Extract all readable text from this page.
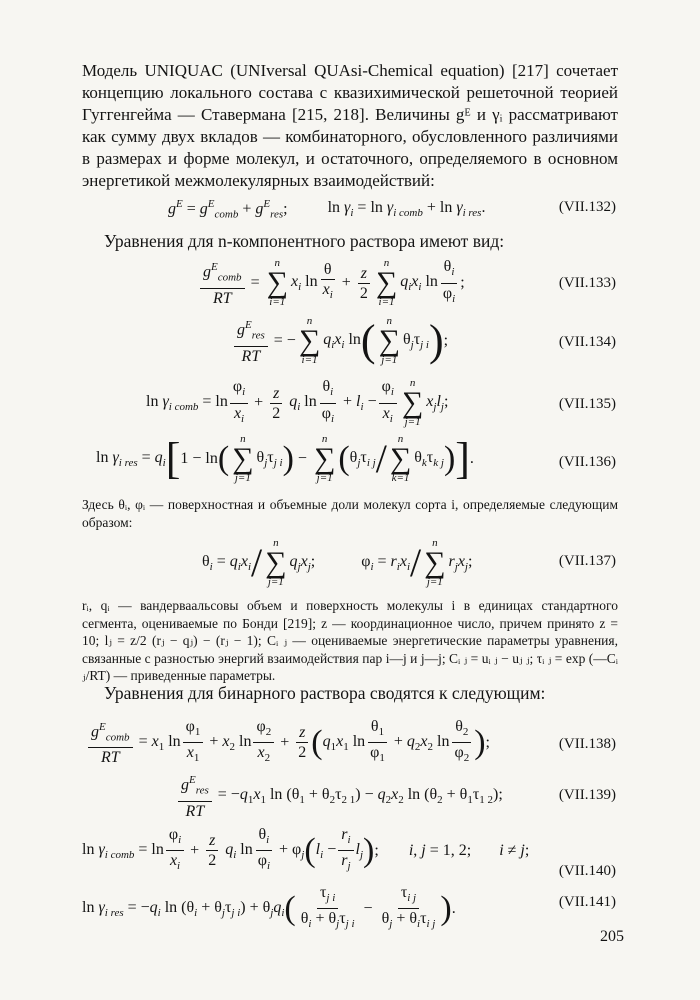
Модель UNIQUAC (UNIversal QUAsi-Chemical equation) [217] сочетает концепцию локального состава с квазихимической решеточной теорией Гуггенгейма — Ставермана [215, 218]. Величины gᴱ и γᵢ рассматривают как сумму двух вкладов — комбинаторного, обусловленного различиями в размерах и форме молекул, и остаточного, определяемого в основном энергетикой межмолекулярных взаимодействий:
$g^E = g^E_{comb} + g^E_{res}$;	$\ln \gamma_i = \ln \gamma_{i comb} + \ln \gamma_{i res}$.	(VII.132)
Уравнения для n-компонентного раствора имеют вид:
$\frac{g^E_{comb}}{RT}$ =
n
∑
i=1
$x_i$ $\ln \frac{\theta}{x_i} + \frac{z}{2}$
n
∑
i=1
$q_ix_i$ $\ln \frac{\theta_i}{\varphi_i}$ ;	(VII.133)
$\frac{g^E_{res}}{RT}$ = −
n
∑
i=1
$q_ix_i$ ln ( n
∑
j=1
$\theta_j\tau_{j i}$ ) ;	(VII.134)
$\ln \gamma_{i comb} = \ln \frac{\varphi_i}{x_i} + \frac{z}{2} q_i$ $\ln \frac{\theta_i}{\varphi_i} + l_i - \frac{\varphi_i}{x_i}$ n
∑
j=1
$x_jl_j$;	(VII.135)
$\ln \gamma_{i res} = q_i$ [ 1 − ln (
n
∑
j=1
$\theta_j\tau_{j i}$ ) −
n
∑
j=1
( $\theta_j\tau_{i j}$ / n
∑
k=1
$\theta_k\tau_{k j}$ ) ] .	(VII.136)
Здесь θᵢ, φᵢ — поверхностная и объемные доли молекул сорта i, определяемые следующим образом:
$\theta_i = q_ix_i / n$
∑
j=1
$q_jx_j$;	$\varphi_i = r_ix_i / n$
∑
j=1
$r_jx_j$;	(VII.137)
rᵢ, qᵢ — вандерваальсовы объем и поверхность молекулы i в единицах стандартного сегмента, оцениваемые по Бонди [219]; z — координационное число, причем принято z = 10; lⱼ = z/2 (rⱼ − qⱼ) − (rⱼ − 1); Cᵢ ⱼ — оцениваемые энергетические параметры уравнения, связанные с разностью энергий взаимодействия пар i—j и j—j; Cᵢ ⱼ = uᵢ ⱼ − uⱼ ⱼ; τᵢ ⱼ = exp (—Cᵢ ⱼ/RT) — приведенные параметры.
Уравнения для бинарного раствора сводятся к следующим:
$\frac{g^E_{comb}}{RT} = x_1$ $\ln \frac{\varphi_1}{x_1} + x_2$ $\ln \frac{\varphi_2}{x_2} + \frac{z}{2}$ ( $q_1x_1$ $\ln \frac{\theta_1}{\varphi_1} + q_2x_2$ $\ln \frac{\theta_2}{\varphi_2}$ ) ;	(VII.138)
$\frac{g^E_{res}}{RT} = -q_1x_1$ $\ln (\theta_1 + \theta_2\tau_{2 1}) - q_2x_2$ $\ln (\theta_2 + \theta_1\tau_{1 2})$;	(VII.139)
$\ln \gamma_{i comb} = \ln \frac{\varphi_i}{x_i} + \frac{z}{2} q_i$ $\ln \frac{\theta_i}{\varphi_i} + \varphi_j$ ( $l_i - \frac{r_i}{r_j} l_j$ ) ; i, j = 1, 2; i ≠ j;
(VII.140)
$\ln \gamma_{i res} = -q_i$ $\ln (\theta_i + \theta_j\tau_{j i}) + \theta_jq_i$ ( $\frac{\tau_{j i}}{\theta_i + \theta_j\tau_{j i}} - \frac{\tau_{i j}}{\theta_j + \theta_i\tau_{i j}}$ ) .	(VII.141)
205
